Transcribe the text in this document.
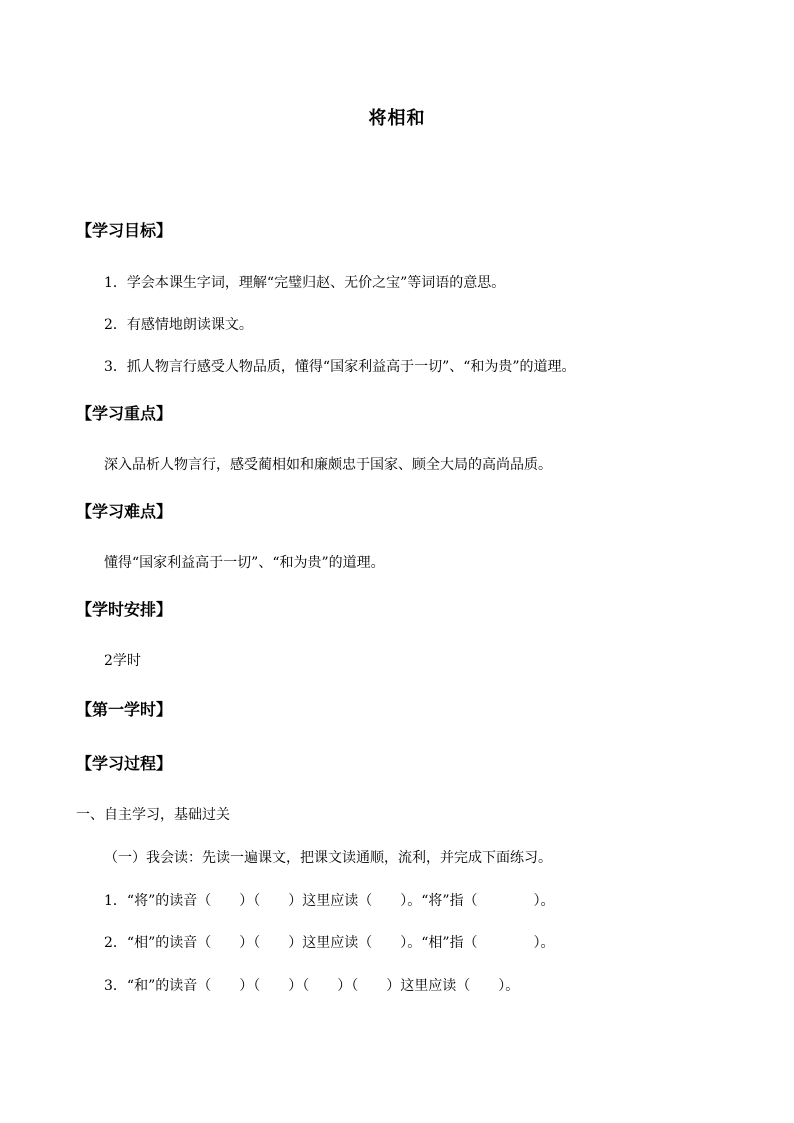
将相和
【学习目标】
1．学会本课生字词，理解“完璧归赵、无价之宝”等词语的意思。
2．有感情地朗读课文。
3．抓人物言行感受人物品质，懂得“国家利益高于一切”、“和为贵”的道理。
【学习重点】
深入品析人物言行，感受蔺相如和廉颇忠于国家、顾全大局的高尚品质。
【学习难点】
懂得“国家利益高于一切”、“和为贵”的道理。
【学时安排】
2学时
【第一学时】
【学习过程】
一、自主学习，基础过关
（一）我会读：先读一遍课文，把课文读通顺，流利，并完成下面练习。
1．“将”的读音（　　）（　　）这里应读（　　）。“将”指（　　　　）。
2．“相”的读音（　　）（　　）这里应读（　　）。“相”指（　　　　）。
3．“和”的读音（　　）（　　）（　　）（　　）这里应读（　　）。
